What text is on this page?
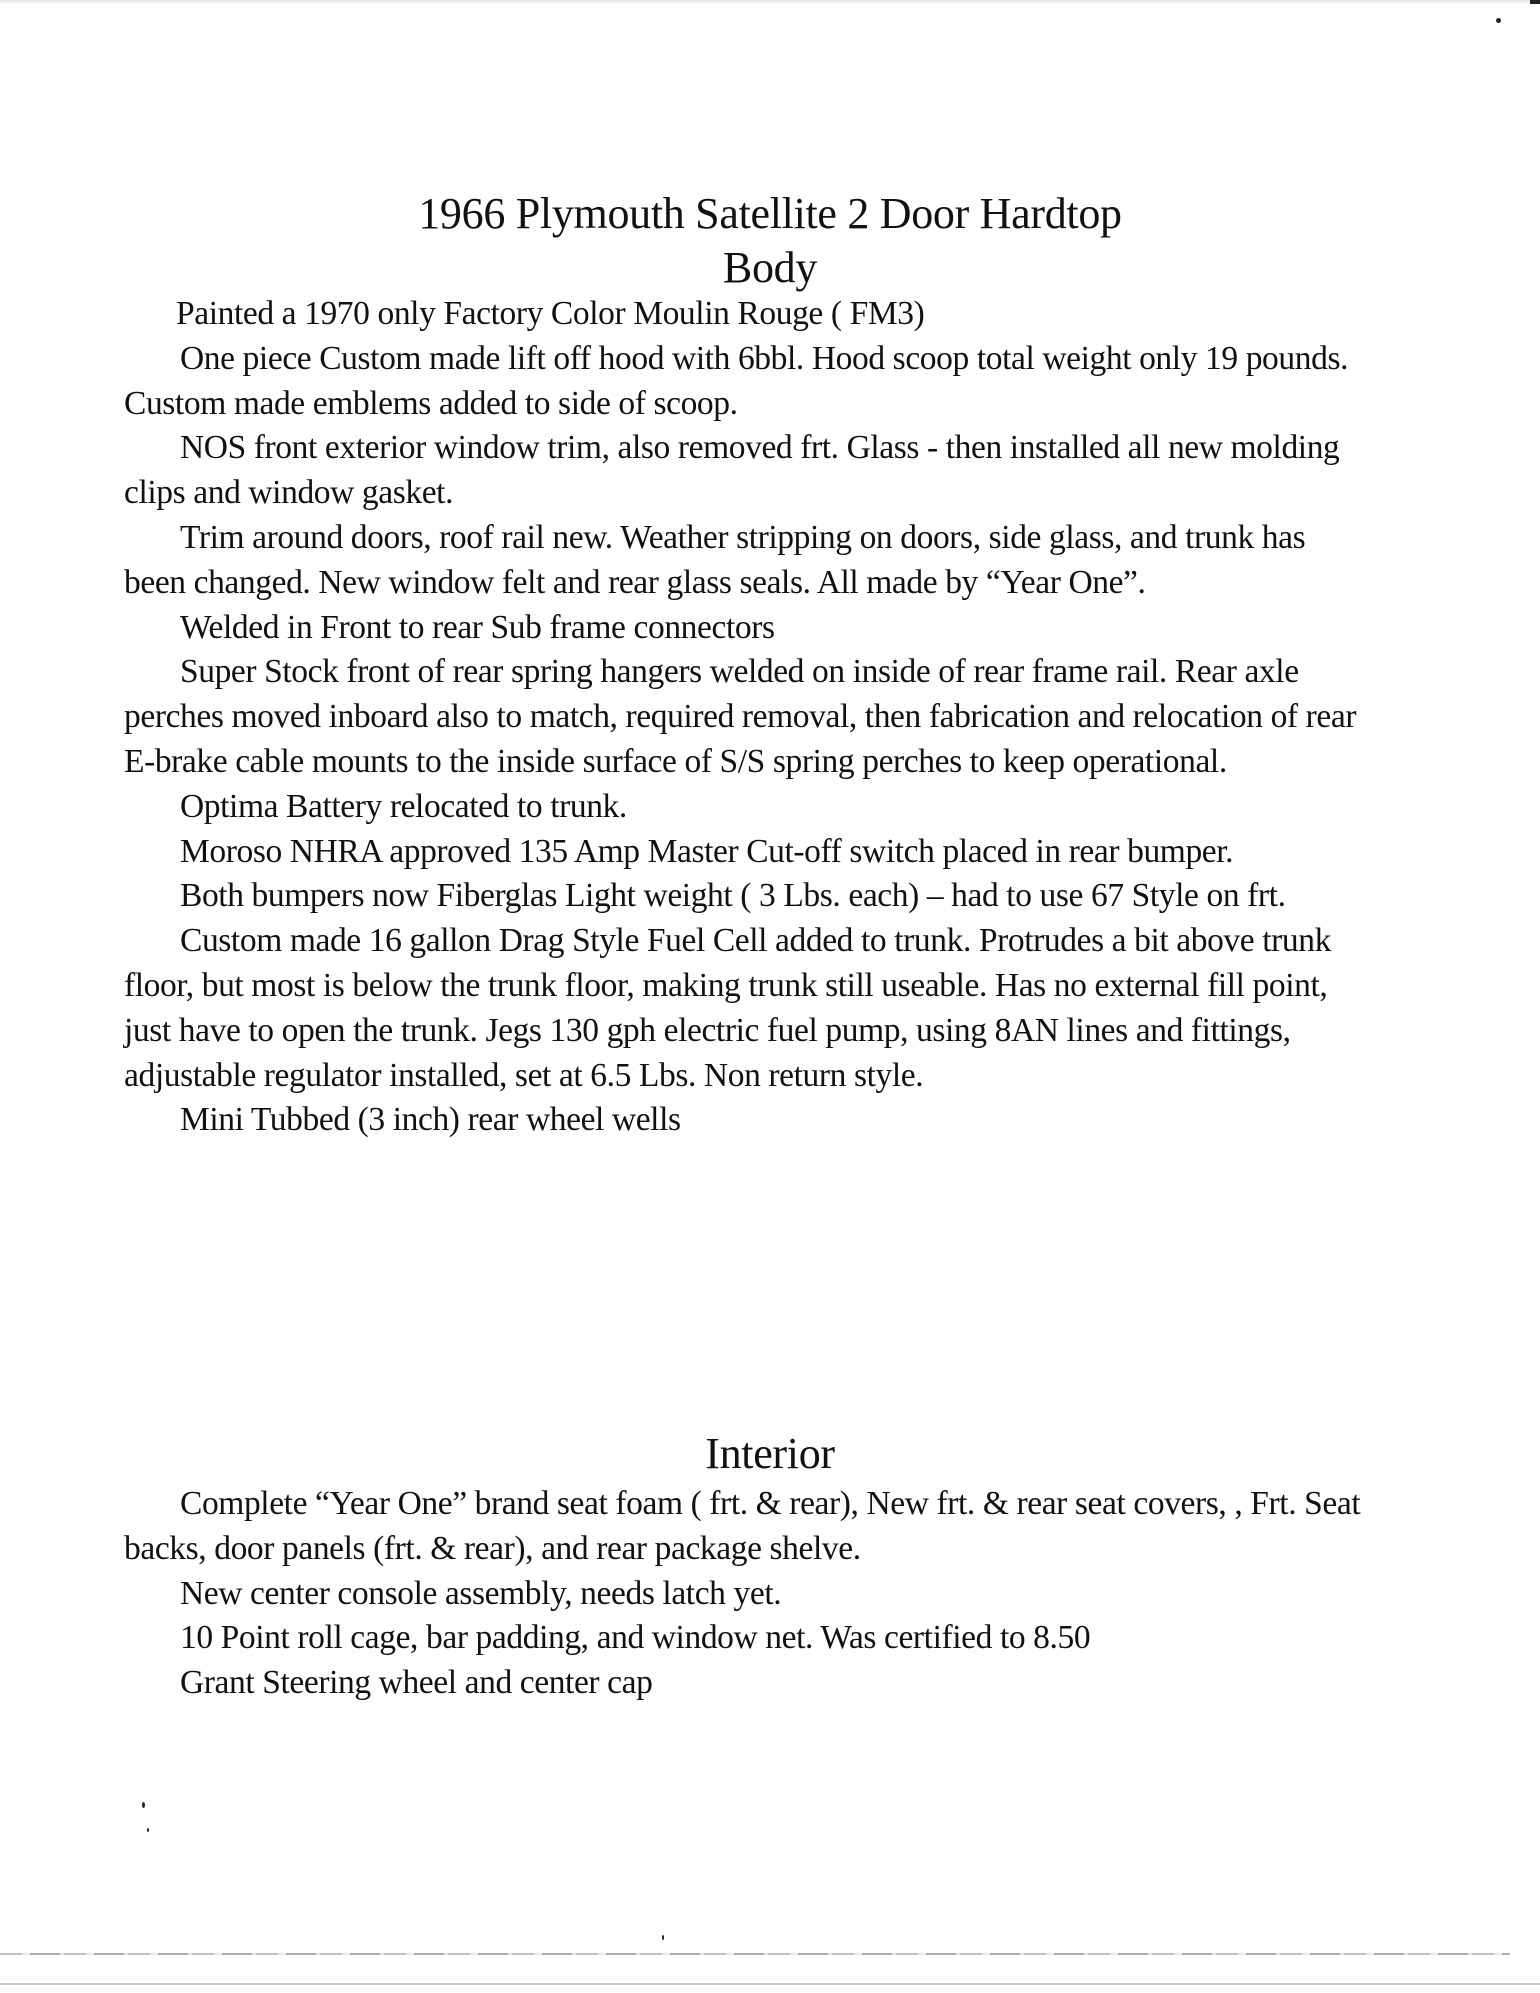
1966 Plymouth Satellite 2 Door Hardtop
Body

Painted a 1970 only Factory Color Moulin Rouge ( FM3)

One piece Custom made lift off hood with 6bbl. Hood scoop total weight only 19 pounds. Custom made emblems added to side of scoop.

NOS front exterior window trim, also removed frt. Glass - then installed all new molding clips and window gasket.

Trim around doors, roof rail new. Weather stripping on doors, side glass, and trunk has been changed. New window felt and rear glass seals. All made by “Year One”.

Welded in Front to rear Sub frame connectors

Super Stock front of rear spring hangers welded on inside of rear frame rail. Rear axle perches moved inboard also to match, required removal, then fabrication and relocation of rear E-brake cable mounts to the inside surface of S/S spring perches to keep operational.

Optima Battery relocated to trunk.

Moroso NHRA approved 135 Amp Master Cut-off switch placed in rear bumper.

Both bumpers now Fiberglas Light weight ( 3 Lbs. each) – had to use 67 Style on frt.

Custom made 16 gallon Drag Style Fuel Cell added to trunk. Protrudes a bit above trunk floor, but most is below the trunk floor, making trunk still useable. Has no external fill point, just have to open the trunk. Jegs 130 gph electric fuel pump, using 8AN lines and fittings, adjustable regulator installed, set at 6.5 Lbs. Non return style.

Mini Tubbed (3 inch) rear wheel wells

Interior

Complete “Year One” brand seat foam ( frt. & rear), New frt. & rear seat covers, , Frt. Seat backs, door panels (frt. & rear), and rear package shelve.

New center console assembly, needs latch yet.

10 Point roll cage, bar padding, and window net. Was certified to 8.50

Grant Steering wheel and center cap
